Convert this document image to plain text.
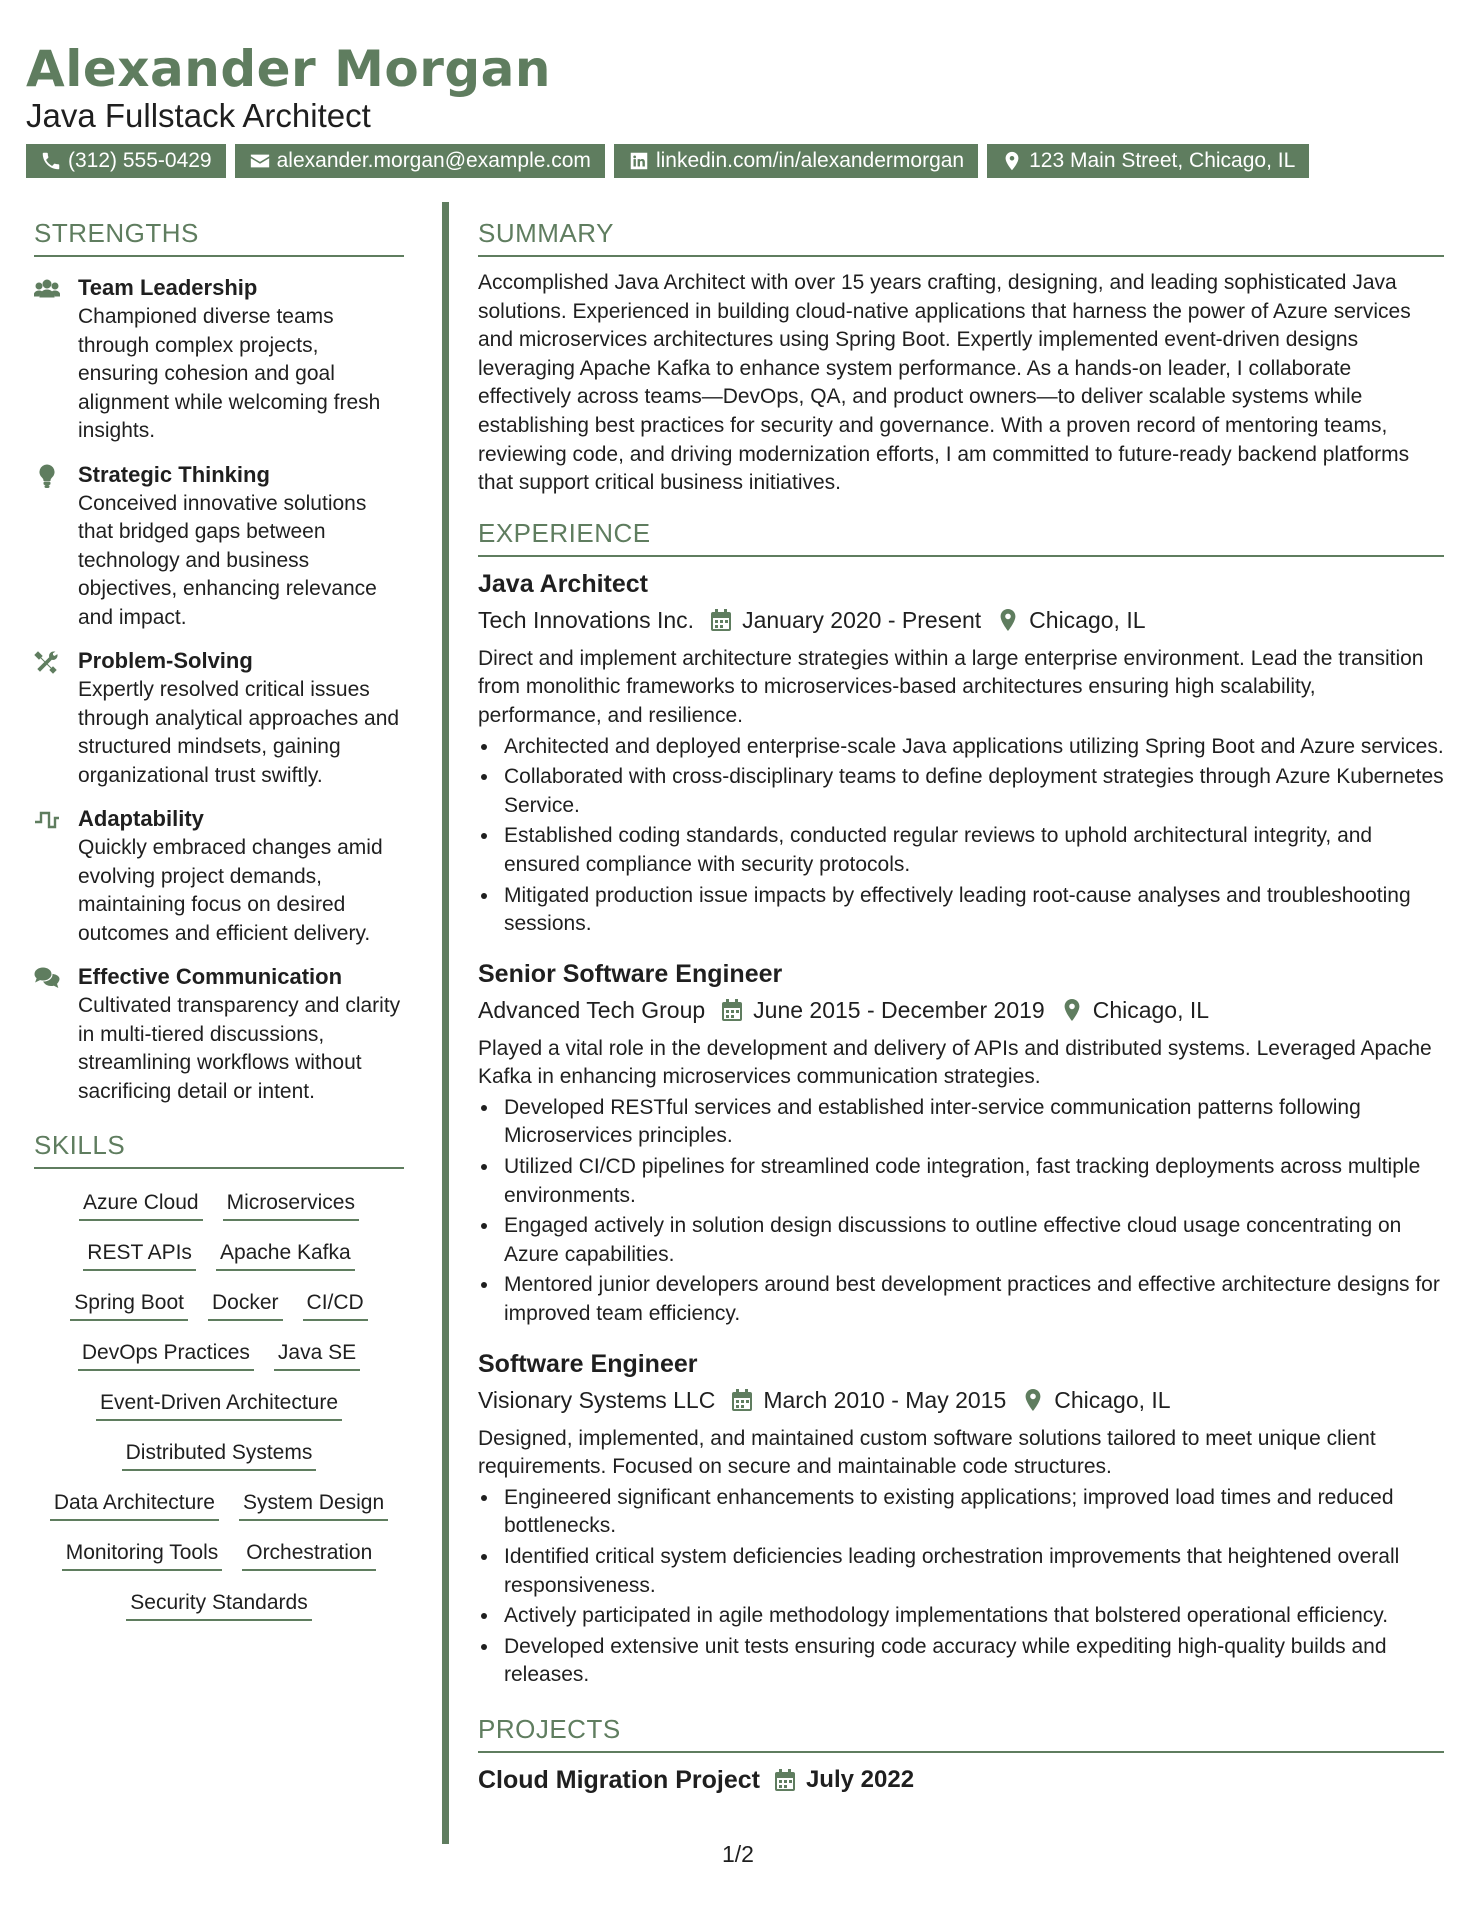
Alexander Morgan
Java Fullstack Architect
(312) 555-0429	alexander.morgan@example.com	linkedin.com/in/alexandermorgan	123 Main Street, Chicago, IL
STRENGTHS
Team Leadership
Championed diverse teams through complex projects, ensuring cohesion and goal alignment while welcoming fresh insights.
Strategic Thinking
Conceived innovative solutions that bridged gaps between technology and business objectives, enhancing relevance and impact.
Problem-Solving
Expertly resolved critical issues through analytical approaches and structured mindsets, gaining organizational trust swiftly.
Adaptability
Quickly embraced changes amid evolving project demands, maintaining focus on desired outcomes and efficient delivery.
Effective Communication
Cultivated transparency and clarity in multi-tiered discussions, streamlining workflows without sacrificing detail or intent.
SKILLS
Azure Cloud Microservices
REST APIs Apache Kafka
Spring Boot Docker CI/CD
DevOps Practices Java SE
Event-Driven Architecture
Distributed Systems
Data Architecture System Design
Monitoring Tools Orchestration
Security Standards
SUMMARY

Accomplished Java Architect with over 15 years crafting, designing, and leading sophisticated Java solutions. Experienced in building cloud-native applications that harness the power of Azure services and microservices architectures using Spring Boot. Expertly implemented event-driven designs leveraging Apache Kafka to enhance system performance. As a hands-on leader, I collaborate effectively across teams—DevOps, QA, and product owners—to deliver scalable systems while establishing best practices for security and governance. With a proven record of mentoring teams, reviewing code, and driving modernization efforts, I am committed to future-ready backend platforms that support critical business initiatives.

EXPERIENCE
Java Architect
Tech Innovations Inc. January 2020 - Present Chicago, IL
Direct and implement architecture strategies within a large enterprise environment. Lead the transition from monolithic frameworks to microservices-based architectures ensuring high scalability, performance, and resilience.
• Architected and deployed enterprise-scale Java applications utilizing Spring Boot and Azure services.
• Collaborated with cross-disciplinary teams to define deployment strategies through Azure Kubernetes Service.
• Established coding standards, conducted regular reviews to uphold architectural integrity, and ensured compliance with security protocols.
• Mitigated production issue impacts by effectively leading root-cause analyses and troubleshooting sessions.
Senior Software Engineer
Advanced Tech Group June 2015 - December 2019 Chicago, IL
Played a vital role in the development and delivery of APIs and distributed systems. Leveraged Apache Kafka in enhancing microservices communication strategies.
• Developed RESTful services and established inter-service communication patterns following Microservices principles.
• Utilized CI/CD pipelines for streamlined code integration, fast tracking deployments across multiple environments.
• Engaged actively in solution design discussions to outline effective cloud usage concentrating on Azure capabilities.
• Mentored junior developers around best development practices and effective architecture designs for improved team efficiency.
Software Engineer
Visionary Systems LLC March 2010 - May 2015 Chicago, IL
Designed, implemented, and maintained custom software solutions tailored to meet unique client requirements. Focused on secure and maintainable code structures.
• Engineered significant enhancements to existing applications; improved load times and reduced bottlenecks.
• Identified critical system deficiencies leading orchestration improvements that heightened overall responsiveness.
• Actively participated in agile methodology implementations that bolstered operational efficiency.
• Developed extensive unit tests ensuring code accuracy while expediting high-quality builds and releases.
PROJECTS
Cloud Migration Project July 2022
1/2
